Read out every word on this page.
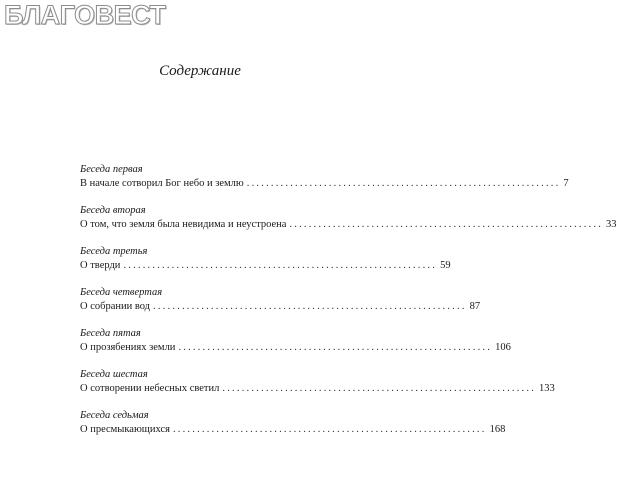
БЛАГОВЕСТ
Содержание
Беседа первая
В начале сотворил Бог небо и землю ................................................................. 7
Беседа вторая
О том, что земля была невидима и неустроена ................................................................. 33
Беседа третья
О тверди ................................................................. 59
Беседа четвертая
О собрании вод ................................................................. 87
Беседа пятая
О прозябениях земли ................................................................. 106
Беседа шестая
О сотворении небесных светил ................................................................. 133
Беседа седьмая
О пресмыкающихся ................................................................. 168
